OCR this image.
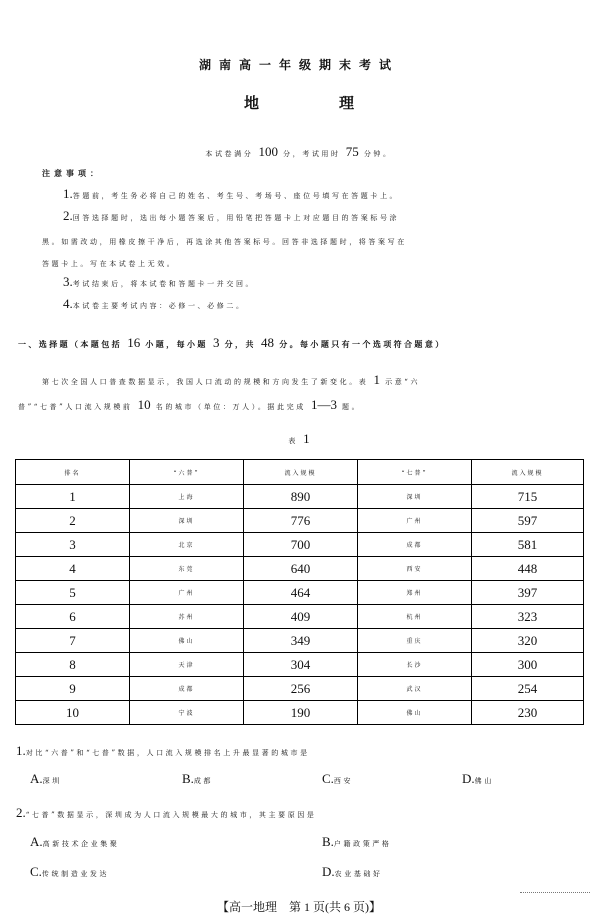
湖南高一年级期末考试
地	理
本试卷满分 100 分，考试用时 75 分钟。
注意事项：
1.答题前，考生务必将自己的姓名、考生号、考场号、座位号填写在答题卡上。
2.回答选择题时，选出每小题答案后，用铅笔把答题卡上对应题目的答案标号涂
黑。如需改动，用橡皮擦干净后，再选涂其他答案标号。回答非选择题时，将答案写在
答题卡上。写在本试卷上无效。
3.考试结束后，将本试卷和答题卡一并交回。
4.本试卷主要考试内容：必修一、必修二。
一、选择题（本题包括 16 小题，每小题 3 分，共 48 分。每小题只有一个选项符合题意）
第七次全国人口普查数据显示，我国人口流动的规模和方向发生了新变化。表 1 示意“六
普”“七普”人口流入规模前 10 名的城市（单位：万人）。据此完成 1—3 题。
表 1
排名	“六普”	流入规模	“七普”	流入规模
1	上海	890	深圳	715
2	深圳	776	广州	597
3	北京	700	成都	581
4	东莞	640	西安	448
5	广州	464	郑州	397
6	苏州	409	杭州	323
7	佛山	349	重庆	320
8	天津	304	长沙	300
9	成都	256	武汉	254
10	宁波	190	佛山	230
1.对比“六普”和“七普”数据，人口流入规模排名上升最显著的城市是
A.深圳	B.成都	C.西安	D.佛山
2.“七普”数据显示，深圳成为人口流入规模最大的城市，其主要原因是
A.高新技术企业集聚	B.户籍政策严格
C.传统制造业发达	D.农业基础好
【高一地理　第 1 页(共 6 页)】
